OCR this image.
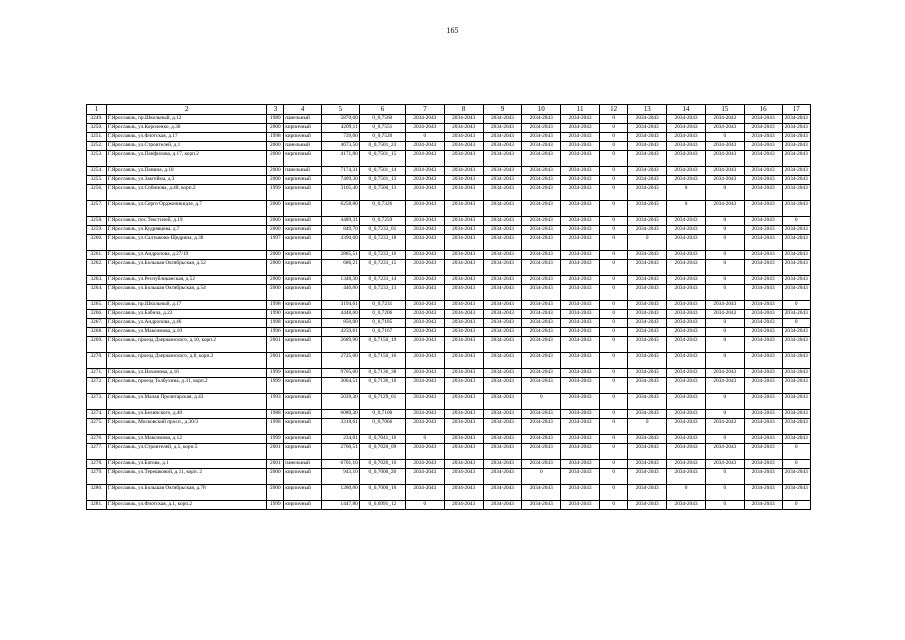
165
1	2	3	4	5	6	7	8	9	10	11	12	13	14	15	16	17
3249.	Г.Ярославль, пр.Школьный, д.12	1989	панельный	5870,00	0_0,7560	2034-2043	2034-2043	2034-2043	2034-2043	2034-2043	0	2034-2043	2034-2043	2034-2043	2034-2043	2034-2043
3250.	Г.Ярославль, ул.Короленко, д.30	2000	кирпичный	4209,11	0_0,7551	2034-2043	2034-2043	2034-2043	2034-2043	2034-2043	0	2034-2043	2034-2043	2034-2043	2034-2043	2034-2043
3251.	Г.Ярославль, ул.Флотская, д.17	1998	кирпичный	739,00	0_0,7520	0	2034-2043	2034-2043	2034-2043	2034-2043	0	2034-2043	2034-2043	0	2034-2043	2034-2043
3252.	Г.Ярославль, ул.Строителей, д.1	2000	панельный	4673,50	0_0,7501_23	2034-2043	2034-2043	2034-2043	2034-2043	2034-2043	0	2034-2043	2034-2043	2034-2043	2034-2043	2034-2043
3253.	Г.Ярославль, ул.Панфилова, д.17, корп.2	2000	кирпичный	4171,80	0_0,7501_15	2034-2043	2034-2043	2034-2043	2034-2043	2034-2043	0	2034-2043	2034-2043	2034-2043	2034-2043	2034-2043
3254.	Г.Ярославль, ул.Панина, д.10	2000	панельный	7174,31	0_0,7501_14	2034-2043	2034-2043	2034-2043	2034-2043	2034-2043	0	2034-2043	2034-2043	2034-2043	2034-2043	2034-2043
3255.	Г.Ярославль, ул.Закгейма, д.3	2000	кирпичный	7409,30	0_0,7501_13	2034-2043	2034-2043	2034-2043	2034-2043	2034-2043	0	2034-2043	2034-2043	2034-2043	2034-2043	2034-2043
3256.	Г.Ярославль, ул.Собинова, д.48, корп.2	1999	кирпичный	3105,40	0_0,7500_13	2034-2043	2034-2043	2034-2043	2034-2043	2034-2043	0	2034-2043	0	0	2034-2043	2034-2043
3257.	Г.Ярославль, ул.Серго Орджоникидзе, д.7	2000	кирпичный	6258,80	0_0,7326	2034-2043	2034-2043	2034-2043	2034-2043	2034-2043	0	2034-2043	0	2034-2043	2034-2043	2034-2043
3258.	Г.Ярославль, пос.Текстилей, д.19	2000	кирпичный	4489,31	0_0,7259	2034-2043	2034-2043	2034-2043	2034-2043	2034-2043	0	2034-2043	2034-2043	0	2034-2043	0
3259.	Г.Ярославль, ул.Кудрявцева, д.7	2000	кирпичный	849,70	0_0,7233_01	2034-2043	2034-2043	2034-2043	2034-2043	2034-2043	0	2034-2043	2034-2043	0	2034-2043	2034-2043
3260.	Г.Ярославль, ул.Салтыкова-Щедрина, д.38	1997	кирпичный	4390,00	0_0,7233_18	2034-2043	2034-2043	2034-2043	2034-2043	2034-2043	0	0	2034-2043	0	2034-2043	2034-2043
3261.	Г.Ярославль, ул.Андропова, д.27/19	2000	кирпичный	2885,51	0_0,7233_16	2034-2043	2034-2043	2034-2043	2034-2043	2034-2043	0	2034-2043	2034-2043	0	2034-2043	2034-2043
3262.	Г.Ярославль, ул.Большая Октябрьская, д.52	2000	кирпичный	686,21	0_0,7233_15	2034-2043	2034-2043	2034-2043	2034-2043	2034-2043	0	2034-2043	2034-2043	0	2034-2043	2034-2043
3263.	Г.Ярославль, ул.Республиканская, д.52	2000	кирпичный	1348,30	0_0,7233_14	2034-2043	2034-2043	2034-2043	2034-2043	2034-2043	0	2034-2043	2034-2043	0	2034-2043	2034-2043
3264.	Г.Ярославль, ул.Большая Октябрьская, д.54	2000	кирпичный	440,00	0_0,7233_13	2034-2043	2034-2043	2034-2043	2034-2043	2034-2043	0	2034-2043	2034-2043	0	2034-2043	2034-2043
3265.	Г.Ярославль, пр.Школьный, д.17	1998	кирпичный	3194,61	0_0,7231	2034-2043	2034-2043	2034-2043	2034-2043	2034-2043	0	2034-2043	2034-2043	2034-2043	2034-2043	0
3266.	Г.Ярославль, ул.Бабича, д.22	1990	кирпичный	4448,60	0_0,7206	2034-2043	2034-2043	2034-2043	2034-2043	2034-2043	0	2034-2043	2034-2043	2034-2043	2034-2043	2034-2043
3267.	Г.Ярославль, ул.Андропова, д.46	1998	кирпичный	850,00	0_0,7185	2034-2043	2034-2043	2034-2043	2034-2043	2034-2043	0	2034-2043	2034-2043	0	2034-2043	0
3268.	Г.Ярославль, ул.Максимова, д.10	1996	кирпичный	4259,61	0_0,7167	2034-2043	2034-2043	2034-2043	2034-2043	2034-2043	0	2034-2043	2034-2043	0	2034-2043	2034-2043
3269.	Г.Ярославль, проезд Дзержинского, д.10, корп.2	2001	кирпичный	2689,90	0_0,7150_19	2034-2043	2034-2043	2034-2043	2034-2043	2034-2043	0	2034-2043	2034-2043	0	2034-2043	2034-2043
3270.	Г.Ярославль, проезд Дзержинского, д.8, корп.2	2001	кирпичный	2725,00	0_0,7150_16	2034-2043	2034-2043	2034-2043	2034-2043	2034-2043	0	2034-2043	2034-2043	0	2034-2043	2034-2043
3271.	Г.Ярославль, ул.Нахимова, д.16	1999	кирпичный	9705,00	0_0,7136_38	2034-2043	2034-2043	2034-2043	2034-2043	2034-2043	0	2034-2043	2034-2043	2034-2043	2034-2043	2034-2043
3272.	Г.Ярославль, проезд Толбухина, д.31, корп.2	1999	кирпичный	3064,51	0_0,7136_10	2034-2043	2034-2043	2034-2043	2034-2043	2034-2043	0	2034-2043	2034-2043	2034-2043	2034-2043	2034-2043
3273.	Г.Ярославль, ул.Малая Пролетарская, д.43	1993	кирпичный	5039,30	0_0,7129_01	2034-2043	2034-2043	2034-2043	0	2034-2043	0	2034-2043	2034-2043	0	2034-2043	2034-2043
3274.	Г.Ярославль, ул.Белинского, д.40	1988	кирпичный	6080,30	0_0,7100	2034-2043	2034-2043	2034-2043	2034-2043	2034-2043	0	2034-2043	2034-2043	0	2034-2043	2034-2043
3275.	Г.Ярославль, Московский просп., д.30/3	1998	кирпичный	3318,61	0_0,7066	2034-2043	2034-2043	2034-2043	2034-2043	2034-2043	0	0	2034-2043	2034-2043	2034-2043	2034-2043
3276.	Г.Ярославль, ул.Максимова, д.12	1999	кирпичный	234,01	0_0,7041_16	0	2034-2043	2034-2043	2034-2043	2034-2043	0	2034-2043	2034-2043	0	2034-2043	2034-2043
3277.	Г.Ярославль, ул.Строителей, д.5, корп.5	2001	кирпичный	2760,51	0_0,7020_09	2034-2043	2034-2043	2034-2043	2034-2043	2034-2043	0	2034-2043	2034-2043	2034-2043	2034-2043	0
3278.	Г.Ярославль, ул.Батова, д.1	2001	панельный	6701,10	0_0,7020_16	2034-2043	2034-2043	2034-2043	2034-2043	2034-2043	0	2034-2043	2034-2043	2034-2043	2034-2043	0
3279.	Г.Ярославль, ул.Терешковой, д.11, корп. 2	2000	кирпичный	943,10	0_0,7000_20	2034-2043	2034-2043	2034-2043	0	2034-2043	0	2034-2043	2034-2043	0	2034-2043	2034-2043
3280.	Г.Ярославль, ул.Большая Октябрьская, д.78	2000	кирпичный	1280,00	0_0,7000_10	2034-2043	2034-2043	2034-2043	2034-2043	2034-2043	0	2034-2043	0	0	2034-2043	2034-2043
3281.	Г.Ярославль, ул.Флотская, д.1, корп.2	1999	кирпичный	1447,80	0_0,6991_12	0	2034-2043	2034-2043	2034-2043	2034-2043	0	2034-2043	2034-2043	0	2034-2043	0
